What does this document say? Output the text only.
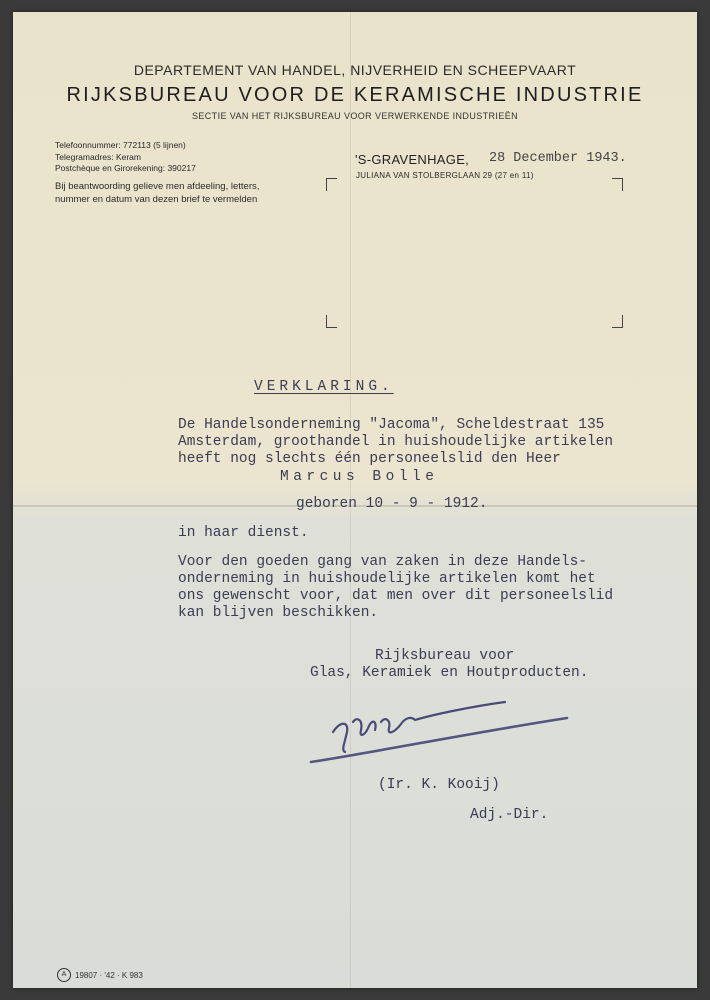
DEPARTEMENT VAN HANDEL, NIJVERHEID EN SCHEEPVAART
RIJKSBUREAU VOOR DE KERAMISCHE INDUSTRIE
SECTIE VAN HET RIJKSBUREAU VOOR VERWERKENDE INDUSTRIEËN
Telefoonnummer: 772113 (5 lijnen)
Telegramadres: Keram
Postchèque en Girorekening: 390217
Bij beantwoording gelieve men afdeeling, letters,
nummer en datum van dezen brief te vermelden
'S-GRAVENHAGE, 28 December 1943.
JULIANA VAN STOLBERGLAAN 29 (27 en 11)
VERKLARING.
De Handelsonderneming "Jacoma", Scheldestraat 135
Amsterdam, groothandel in huishoudelijke artikelen
heeft nog slechts één personeelslid den Heer
Marcus Bolle
geboren 10 - 9 - 1912.
in haar dienst.
Voor den goeden gang van zaken in deze Handels-
onderneming in huishoudelijke artikelen komt het
ons gewenscht voor, dat men over dit personeelslid
kan blijven beschikken.
Rijksbureau voor
Glas, Keramiek en Houtproducten.
(Ir. K. Kooij)
Adj.-Dir.
A	19807 · '42 · K 983
